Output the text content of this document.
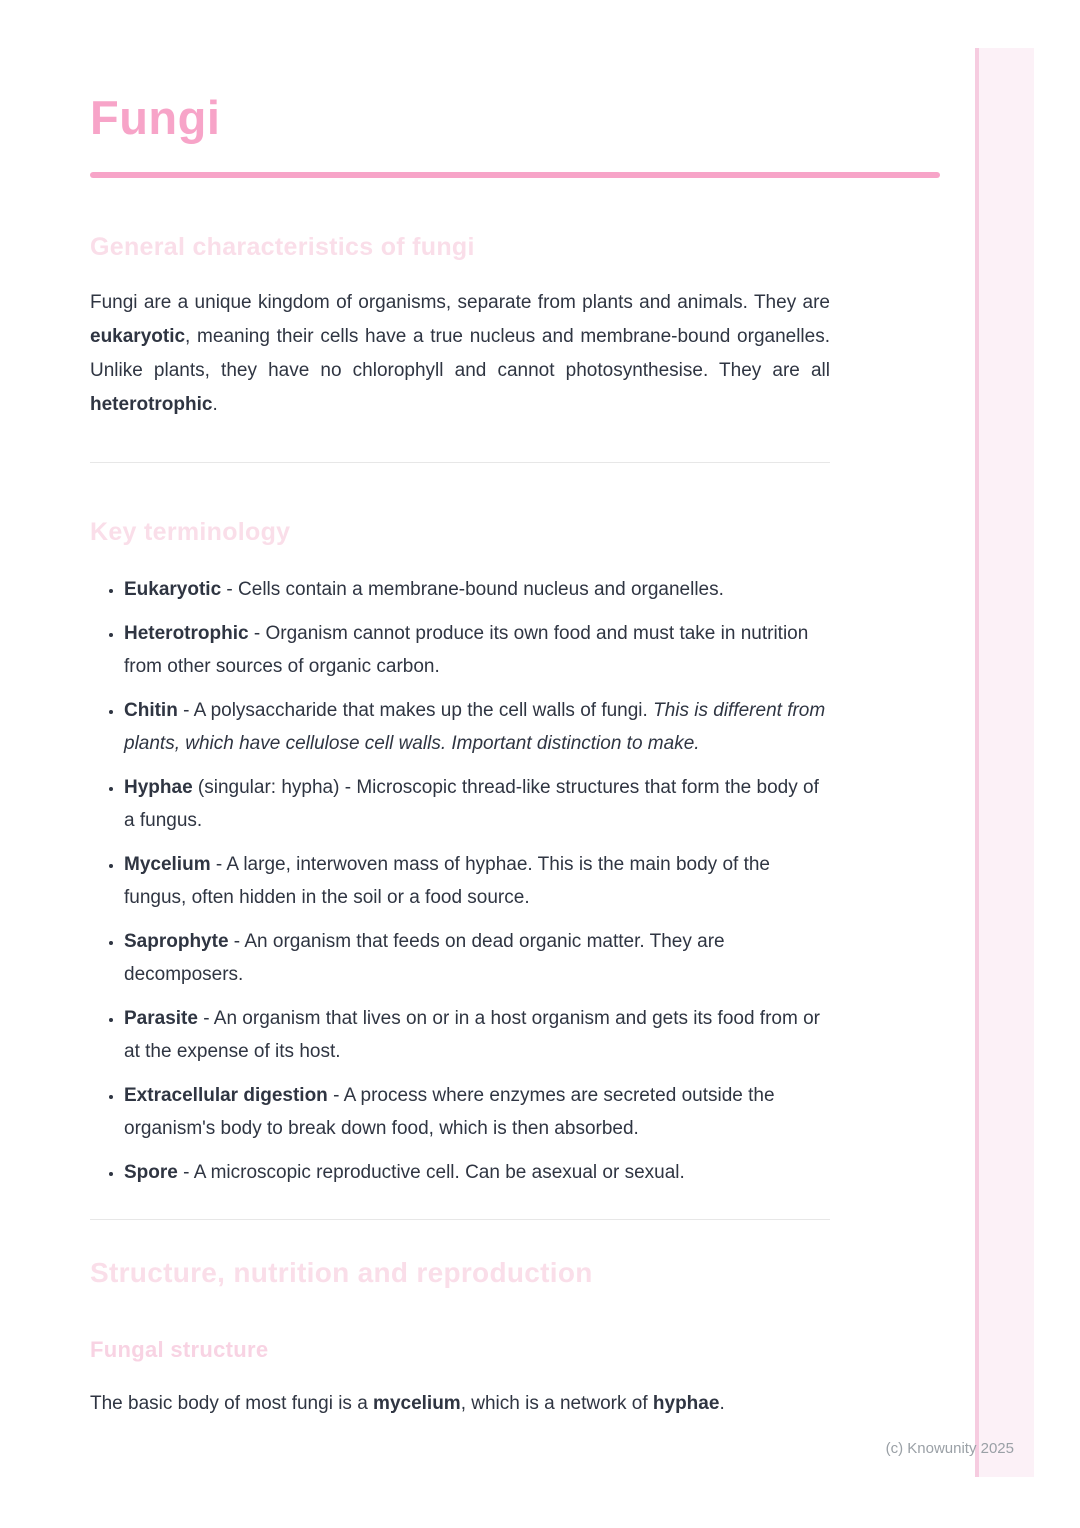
Fungi
General characteristics of fungi

Fungi are a unique kingdom of organisms, separate from plants and animals. They are eukaryotic, meaning their cells have a true nucleus and membrane-bound organelles. Unlike plants, they have no chlorophyll and cannot photosynthesise. They are all heterotrophic.

Key terminology
• Eukaryotic - Cells contain a membrane-bound nucleus and organelles.
• Heterotrophic - Organism cannot produce its own food and must take in nutrition from other sources of organic carbon.
• Chitin - A polysaccharide that makes up the cell walls of fungi. This is different from plants, which have cellulose cell walls. Important distinction to make.
• Hyphae (singular: hypha) - Microscopic thread-like structures that form the body of a fungus.
• Mycelium - A large, interwoven mass of hyphae. This is the main body of the fungus, often hidden in the soil or a food source.
• Saprophyte - An organism that feeds on dead organic matter. They are decomposers.
• Parasite - An organism that lives on or in a host organism and gets its food from or at the expense of its host.
• Extracellular digestion - A process where enzymes are secreted outside the organism's body to break down food, which is then absorbed.
• Spore - A microscopic reproductive cell. Can be asexual or sexual.
Structure, nutrition and reproduction
Fungal structure

The basic body of most fungi is a mycelium, which is a network of hyphae.

(c) Knowunity 2025
